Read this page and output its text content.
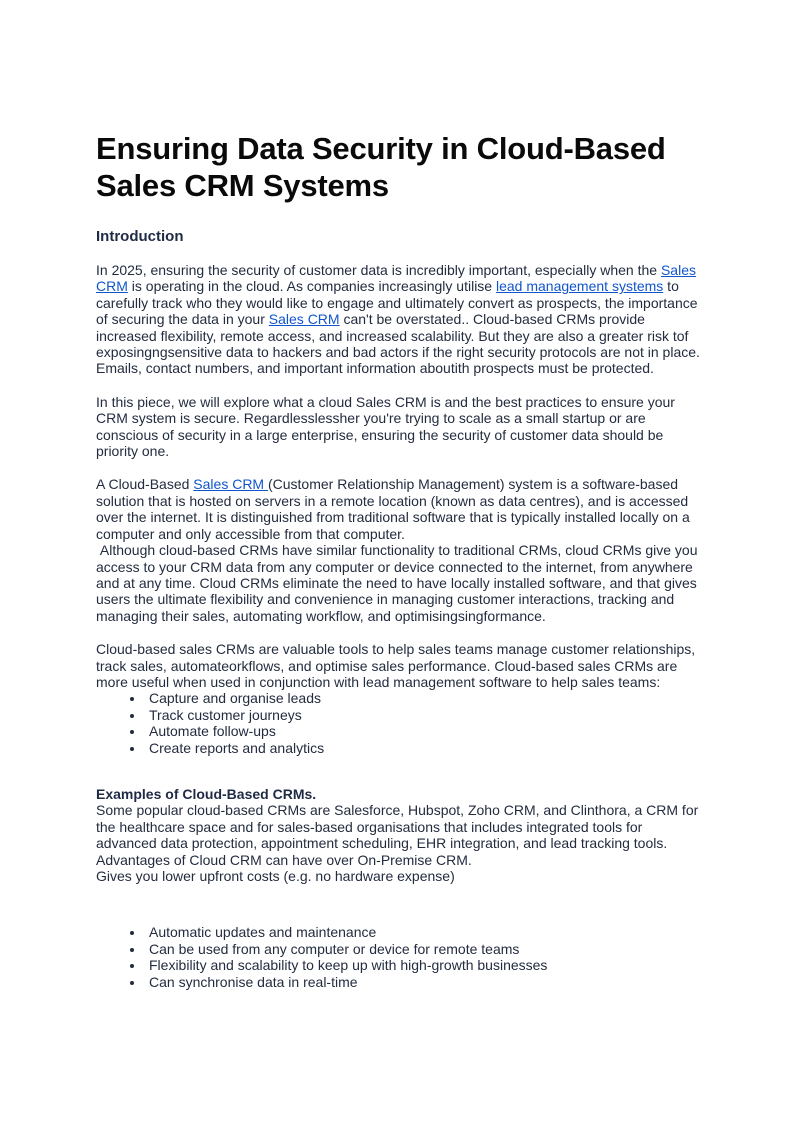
Ensuring Data Security in Cloud-Based Sales CRM Systems
Introduction

In 2025, ensuring the security of customer data is incredibly important, especially when the Sales CRM is operating in the cloud. As companies increasingly utilise lead management systems to carefully track who they would like to engage and ultimately convert as prospects, the importance of securing the data in your Sales CRM can't be overstated.. Cloud-based CRMs provide increased flexibility, remote access, and increased scalability. But they are also a greater risk tof exposingngsensitive data to hackers and bad actors if the right security protocols are not in place.
Emails, contact numbers, and important information aboutith prospects must be protected.

In this piece, we will explore what a cloud Sales CRM is and the best practices to ensure your CRM system is secure. Regardlesslessher you're trying to scale as a small startup or are conscious of security in a large enterprise, ensuring the security of customer data should be priority one.

A Cloud-Based Sales CRM (Customer Relationship Management) system is a software-based solution that is hosted on servers in a remote location (known as data centres), and is accessed over the internet. It is distinguished from traditional software that is typically installed locally on a computer and only accessible from that computer.
Although cloud-based CRMs have similar functionality to traditional CRMs, cloud CRMs give you access to your CRM data from any computer or device connected to the internet, from anywhere and at any time. Cloud CRMs eliminate the need to have locally installed software, and that gives users the ultimate flexibility and convenience in managing customer interactions, tracking and managing their sales, automating workflow, and optimisingsingformance.

Cloud-based sales CRMs are valuable tools to help sales teams manage customer relationships, track sales, automateorkflows, and optimise sales performance. Cloud-based sales CRMs are more useful when used in conjunction with lead management software to help sales teams:

• Capture and organise leads
• Track customer journeys
• Automate follow-ups
• Create reports and analytics
Examples of Cloud-Based CRMs.

Some popular cloud-based CRMs are Salesforce, Hubspot, Zoho CRM, and Clinthora, a CRM for the healthcare space and for sales-based organisations that includes integrated tools for advanced data protection, appointment scheduling, EHR integration, and lead tracking tools.
Advantages of Cloud CRM can have over On-Premise CRM.
Gives you lower upfront costs (e.g. no hardware expense)

• Automatic updates and maintenance
• Can be used from any computer or device for remote teams
• Flexibility and scalability to keep up with high-growth businesses
• Can synchronise data in real-time
